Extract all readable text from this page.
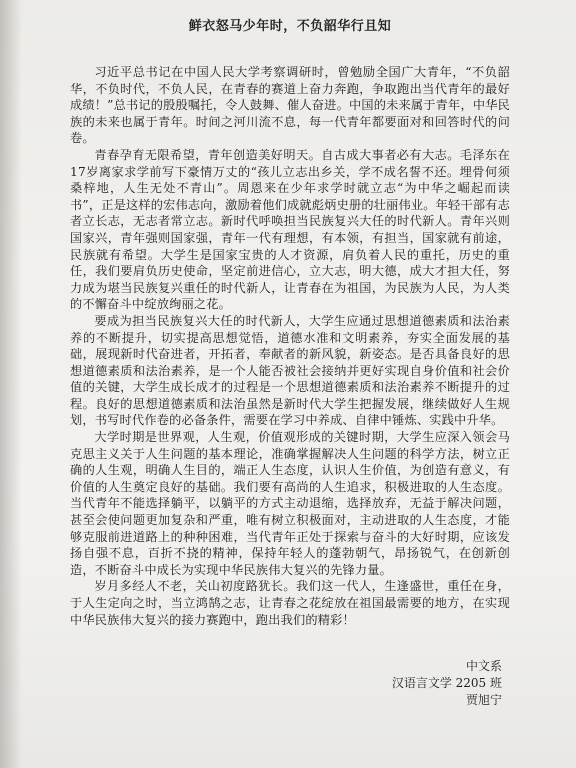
鲜衣怒马少年时，不负韶华行且知

习近平总书记在中国人民大学考察调研时，曾勉励全国广大青年，“不负韶华，不负时代，不负人民，在青春的赛道上奋力奔跑，争取跑出当代青年的最好成绩！”总书记的殷殷嘱托，令人鼓舞、催人奋进。中国的未来属于青年，中华民族的未来也属于青年。时间之河川流不息，每一代青年都要面对和回答时代的问卷。

青春孕育无限希望，青年创造美好明天。自古成大事者必有大志。毛泽东在17岁离家求学前写下豪情万丈的“孩儿立志出乡关，学不成名誓不还。埋骨何须桑梓地，人生无处不青山”。周恩来在少年求学时就立志“为中华之崛起而读书”，正是这样的宏伟志向，激励着他们成就彪炳史册的壮丽伟业。年轻干部有志者立长志，无志者常立志。新时代呼唤担当民族复兴大任的时代新人。青年兴则国家兴，青年强则国家强，青年一代有理想，有本领，有担当，国家就有前途，民族就有希望。大学生是国家宝贵的人才资源，肩负着人民的重托，历史的重任，我们要肩负历史使命，坚定前进信心，立大志，明大德，成大才担大任，努力成为堪当民族复兴重任的时代新人，让青春在为祖国，为民族为人民，为人类的不懈奋斗中绽放绚丽之花。

要成为担当民族复兴大任的时代新人，大学生应通过思想道德素质和法治素养的不断提升，切实提高思想觉悟，道德水准和文明素养，夯实全面发展的基础，展现新时代奋进者，开拓者，奉献者的新风貌，新姿态。是否具备良好的思想道德素质和法治素养，是一个人能否被社会接纳并更好实现自身价值和社会价值的关键，大学生成长成才的过程是一个思想道德素质和法治素养不断提升的过程。良好的思想道德素质和法治虽然是新时代大学生把握发展，继续做好人生规划，书写时代作卷的必备条件，需要在学习中养成、自律中锤炼、实践中升华。

大学时期是世界观，人生观，价值观形成的关键时期，大学生应深入领会马克思主义关于人生问题的基本理论，准确掌握解决人生问题的科学方法，树立正确的人生观，明确人生目的，端正人生态度，认识人生价值，为创造有意义，有价值的人生奠定良好的基础。我们要有高尚的人生追求，积极进取的人生态度。当代青年不能选择躺平，以躺平的方式主动退缩，选择放弃，无益于解决问题，甚至会使问题更加复杂和严重，唯有树立积极面对，主动进取的人生态度，才能够克服前进道路上的种种困难，当代青年正处于探索与奋斗的大好时期，应该发扬自强不息，百折不挠的精神，保持年轻人的蓬勃朝气，昂扬锐气，在创新创造，不断奋斗中成长为实现中华民族伟大复兴的先锋力量。

岁月多经人不老，关山初度路犹长。我们这一代人，生逢盛世，重任在身，于人生定向之时，当立鸿鹄之志，让青春之花绽放在祖国最需要的地方，在实现中华民族伟大复兴的接力赛跑中，跑出我们的精彩！

中文系
汉语言文学 2205 班
贾旭宁
